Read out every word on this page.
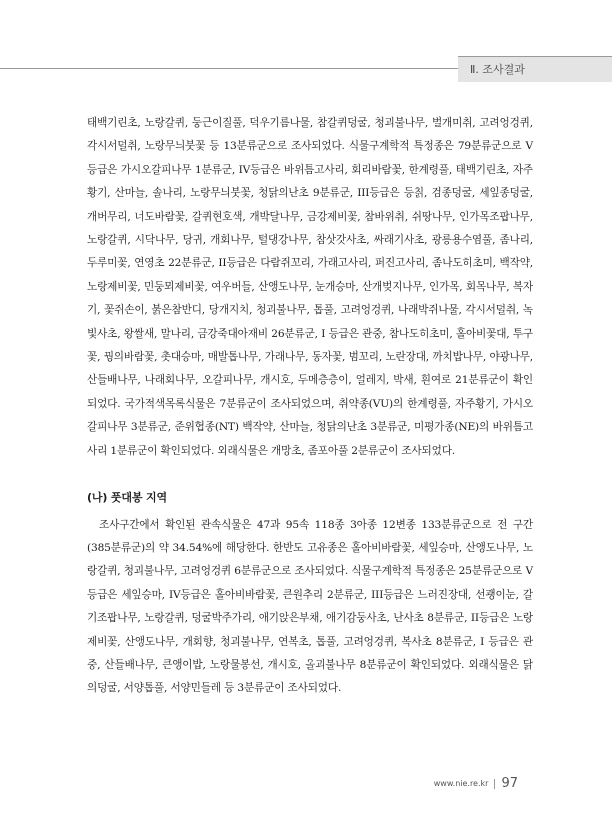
Ⅱ. 조사결과

태백기린초, 노랑갈퀴, 둥근이질풀, 덕우기름나물, 참갈퀴덩굴, 청괴불나무, 벌개미취, 고려엉겅퀴, 각시서덜취, 노랑무늬붓꽃 등 13분류군으로 조사되었다. 식물구계학적 특정종은 79분류군으로 V등급은 가시오갈피나무 1분류군, IV등급은 바위틈고사리, 회리바람꽃, 한계령풀, 태백기린초, 자주황기, 산마늘, 솔나리, 노랑무늬붓꽃, 청닭의난초 9분류군, III등급은 등칡, 검종덩굴, 세잎종덩굴, 개버무리, 너도바람꽃, 갈퀴현호색, 개박달나무, 금강제비꽃, 참바위취, 쉬땅나무, 인가목조팝나무, 노랑갈퀴, 시닥나무, 당귀, 개회나무, 털댕강나무, 참삿갓사초, 싸래기사초, 광릉용수염풀, 좀나리, 두루미꽃, 연영초 22분류군, II등급은 다람쥐꼬리, 가래고사리, 퍼진고사리, 좀나도히초미, 백작약, 노랑제비꽃, 민둥뫼제비꽃, 여우버들, 산앵도나무, 눈개승마, 산개벚지나무, 인가목, 회목나무, 복자기, 꽃쥐손이, 붉은참반디, 당개지치, 청괴불나무, 톱풀, 고려엉겅퀴, 나래박쥐나물, 각시서덜취, 녹빛사초, 왕쌀새, 말나리, 금강죽대아재비 26분류군, I 등급은 관중, 참나도히초미, 홀아비꽃대, 투구꽃, 꿩의바람꽃, 촛대승마, 매발톱나무, 가래나무, 동자꽃, 범꼬리, 노란장대, 까치밥나무, 야광나무, 산들배나무, 나래회나무, 오갈피나무, 개시호, 두메층층이, 얼레지, 박새, 흰여로 21분류군이 확인되었다. 국가적색목록식물은 7분류군이 조사되었으며, 취약종(VU)의 한계령풀, 자주황기, 가시오갈피나무 3분류군, 준위협종(NT) 백작약, 산마늘, 청닭의난초 3분류군, 미평가종(NE)의 바위틈고사리 1분류군이 확인되었다. 외래식물은 개망초, 좀포아풀 2분류군이 조사되었다.

(나) 풋대봉 지역

조사구간에서 확인된 관속식물은 47과 95속 118종 3아종 12변종 133분류군으로 전 구간(385분류군)의 약 34.54%에 해당한다. 한반도 고유종은 홀아비바람꽃, 세잎승마, 산앵도나무, 노랑갈퀴, 청괴불나무, 고려엉겅퀴 6분류군으로 조사되었다. 식물구계학적 특정종은 25분류군으로 V등급은 세잎승마, IV등급은 홀아비바람꽃, 큰원추리 2분류군, III등급은 느러진장대, 선괭이눈, 갈기조팝나무, 노랑갈퀴, 덩굴박주가리, 애기앉은부채, 애기감둥사초, 난사초 8분류군, II등급은 노랑제비꽃, 산앵도나무, 개회향, 청괴불나무, 연복초, 톱풀, 고려엉겅퀴, 복사초 8분류군, I 등급은 관중, 산들배나무, 큰앵이밥, 노랑물봉선, 개시호, 올괴불나무 8분류군이 확인되었다. 외래식물은 닭의덩굴, 서양톱풀, 서양민들레 등 3분류군이 조사되었다.

www.nie.re.kr 97
